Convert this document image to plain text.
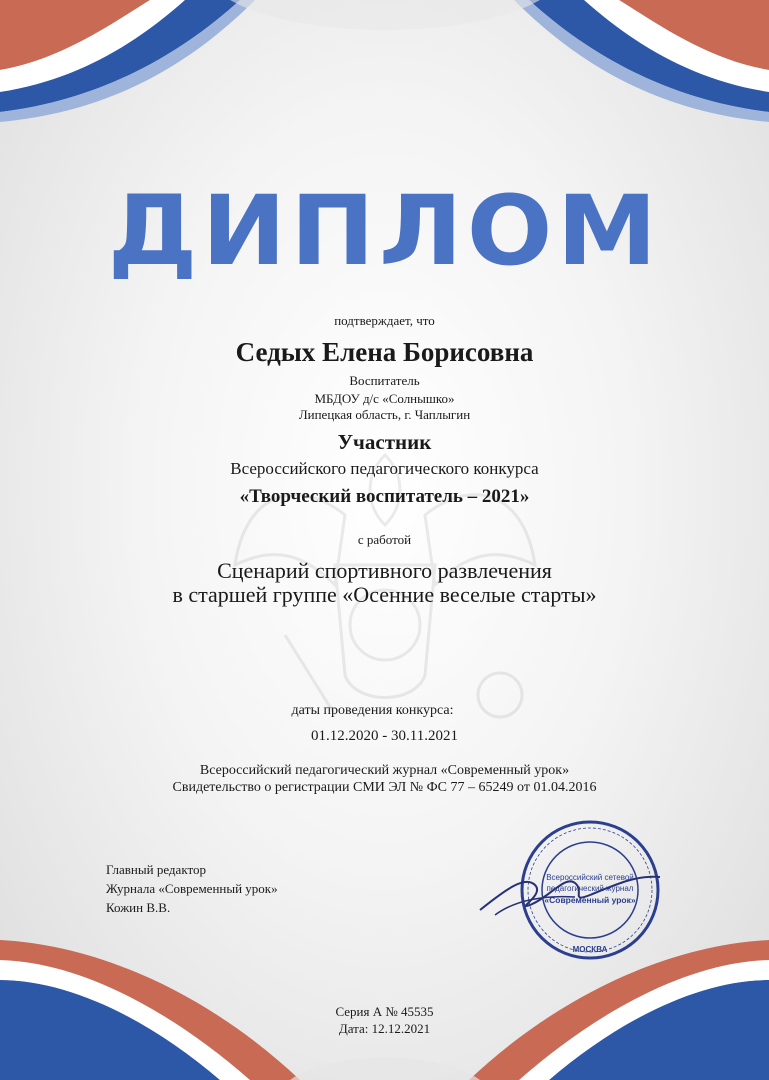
ДИПЛОМ
подтверждает, что
Седых Елена Борисовна
Воспитатель
МБДОУ д/с «Солнышко»
Липецкая область, г. Чаплыгин
Участник
Всероссийского педагогического конкурса
«Творческий воспитатель – 2021»
с работой
Сценарий спортивного развлечения
в старшей группе «Осенние веселые старты»
даты проведения конкурса:
01.12.2020 - 30.11.2021
Всероссийский педагогический журнал «Современный урок»
Свидетельство о регистрации СМИ ЭЛ № ФС 77 – 65249 от 01.04.2016
Главный редактор
Журнала «Современный урок»
Кожин В.В.
Всероссийский сетевой
педагогический журнал
«Современный урок»
МОСКВА
Серия А № 45535
Дата: 12.12.2021
